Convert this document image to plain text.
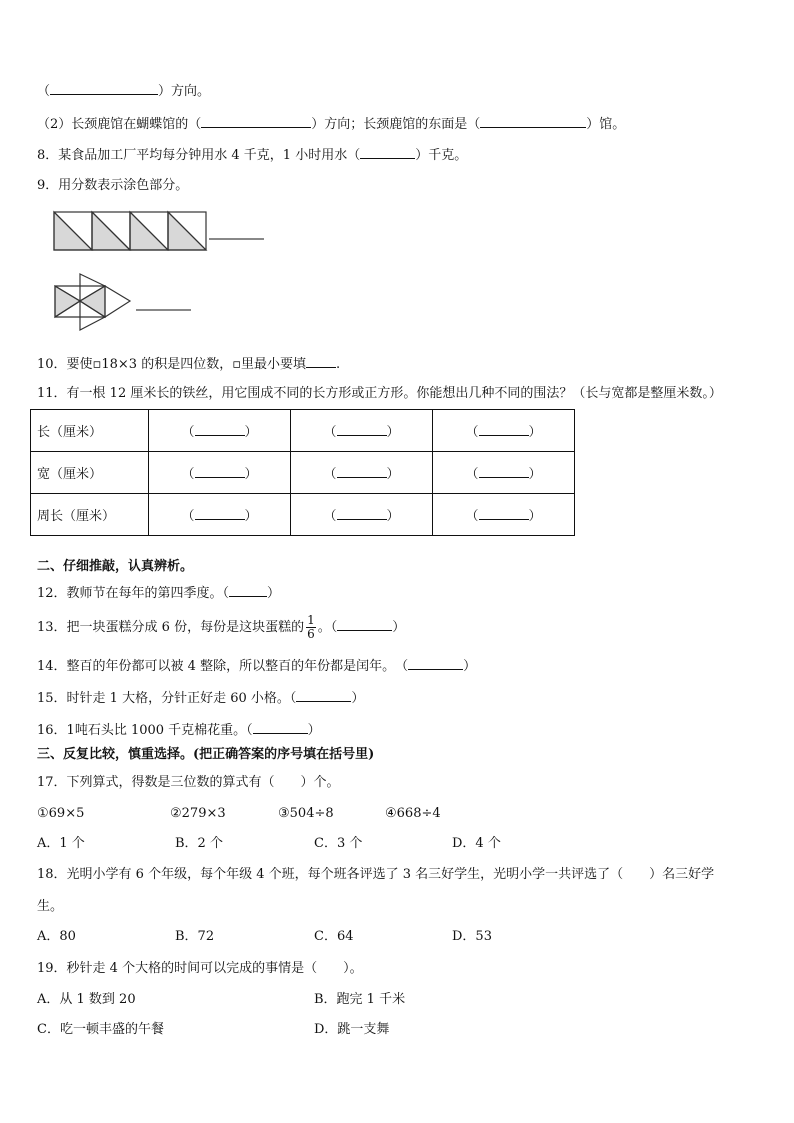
（	）方向。
（2）长颈鹿馆在蝴蝶馆的（	）方向；长颈鹿馆的东面是（	）馆。
8．某食品加工厂平均每分钟用水 4 千克，1 小时用水（	）千克。
9．用分数表示涂色部分。
10．要使▫18×3 的积是四位数，▫里最小要填 .
11．有一根 12 厘米长的铁丝，用它围成不同的长方形或正方形。你能想出几种不同的围法？（长与宽都是整厘米数。）
长（厘米）	（ ）	（ ）	（ ）
宽（厘米）	（ ）	（ ）	（ ）
周长（厘米）	（ ）	（ ）	（ ）
二、仔细推敲，认真辨析。
12．教师节在每年的第四季度。（	）
13．把一块蛋糕分成 6 份，每份是这块蛋糕的 $\frac{1}{6}$ 。（	）
14．整百的年份都可以被 4 整除，所以整百的年份都是闰年。　（	）
15．时针走 1 大格，分针正好走 60 小格。（	）
16．1吨石头比 1000 千克棉花重。（	）
三、反复比较，慎重选择。(把正确答案的序号填在括号里)
17．下列算式，得数是三位数的算式有（　　）个。
①69×5	②279×3	③504÷8	④668÷4
A．1 个	B．2 个	C．3 个	D．4 个
18．光明小学有 6 个年级，每个年级 4 个班，每个班各评选了 3 名三好学生，光明小学一共评选了（　　）名三好学
生。
A．80	B．72	C．64	D．53
19．秒针走 4 个大格的时间可以完成的事情是（　　）。
A．从 1 数到 20	B．跑完 1 千米
C．吃一顿丰盛的午餐	D．跳一支舞
